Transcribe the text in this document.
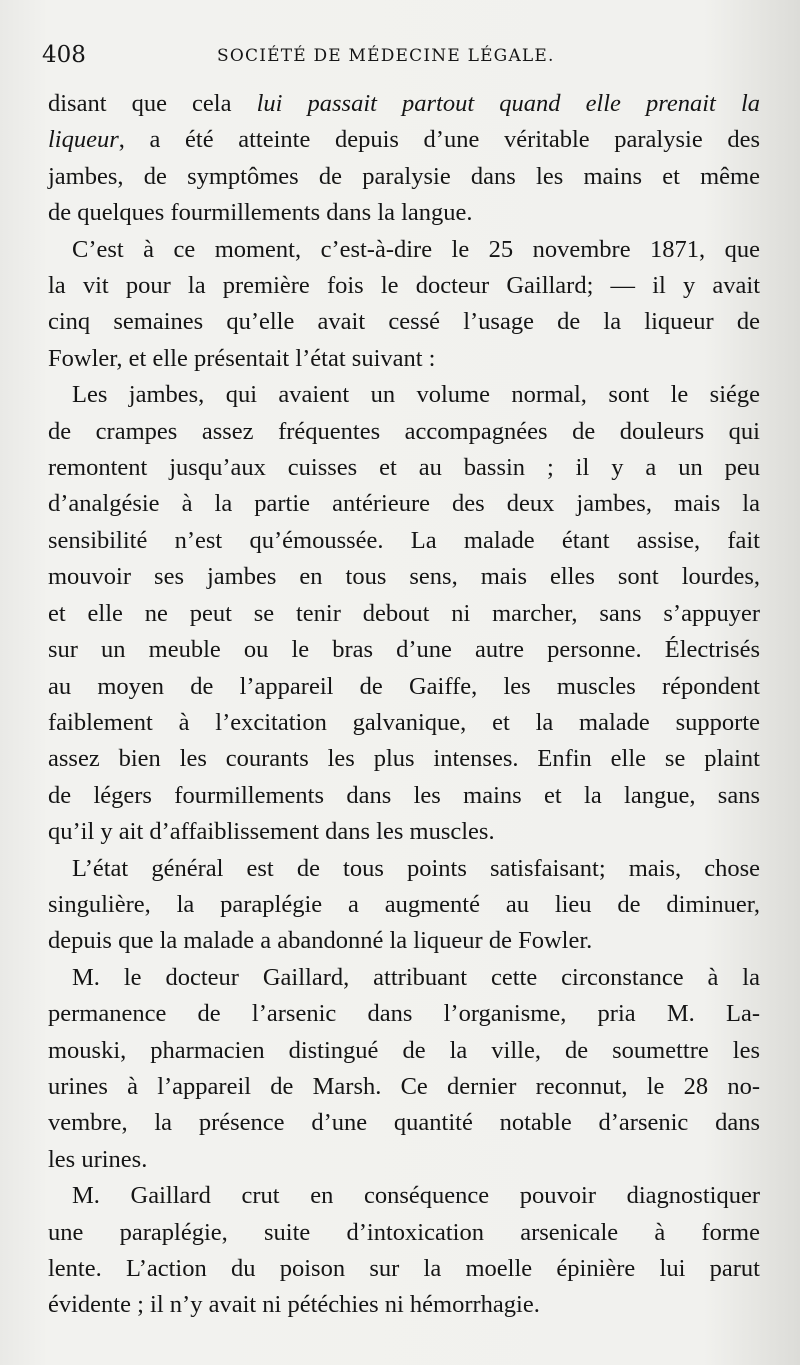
408	SOCIÉTÉ DE MÉDECINE LÉGALE.
disant que cela lui passait partout quand elle prenait la
liqueur, a été atteinte depuis d’une véritable paralysie des
jambes, de symptômes de paralysie dans les mains et même
de quelques fourmillements dans la langue.
C’est à ce moment, c’est-à-dire le 25 novembre 1871, que
la vit pour la première fois le docteur Gaillard; — il y avait
cinq semaines qu’elle avait cessé l’usage de la liqueur de
Fowler, et elle présentait l’état suivant :
Les jambes, qui avaient un volume normal, sont le siége
de crampes assez fréquentes accompagnées de douleurs qui
remontent jusqu’aux cuisses et au bassin ; il y a un peu
d’analgésie à la partie antérieure des deux jambes, mais la
sensibilité n’est qu’émoussée. La malade étant assise, fait
mouvoir ses jambes en tous sens, mais elles sont lourdes,
et elle ne peut se tenir debout ni marcher, sans s’appuyer
sur un meuble ou le bras d’une autre personne. Électrisés
au moyen de l’appareil de Gaiffe, les muscles répondent
faiblement à l’excitation galvanique, et la malade supporte
assez bien les courants les plus intenses. Enfin elle se plaint
de légers fourmillements dans les mains et la langue, sans
qu’il y ait d’affaiblissement dans les muscles.
L’état général est de tous points satisfaisant; mais, chose
singulière, la paraplégie a augmenté au lieu de diminuer,
depuis que la malade a abandonné la liqueur de Fowler.
M. le docteur Gaillard, attribuant cette circonstance à la
permanence de l’arsenic dans l’organisme, pria M. La-
mouski, pharmacien distingué de la ville, de soumettre les
urines à l’appareil de Marsh. Ce dernier reconnut, le 28 no-
vembre, la présence d’une quantité notable d’arsenic dans
les urines.
M. Gaillard crut en conséquence pouvoir diagnostiquer
une paraplégie, suite d’intoxication arsenicale à forme
lente. L’action du poison sur la moelle épinière lui parut
évidente ; il n’y avait ni pétéchies ni hémorrhagie.
